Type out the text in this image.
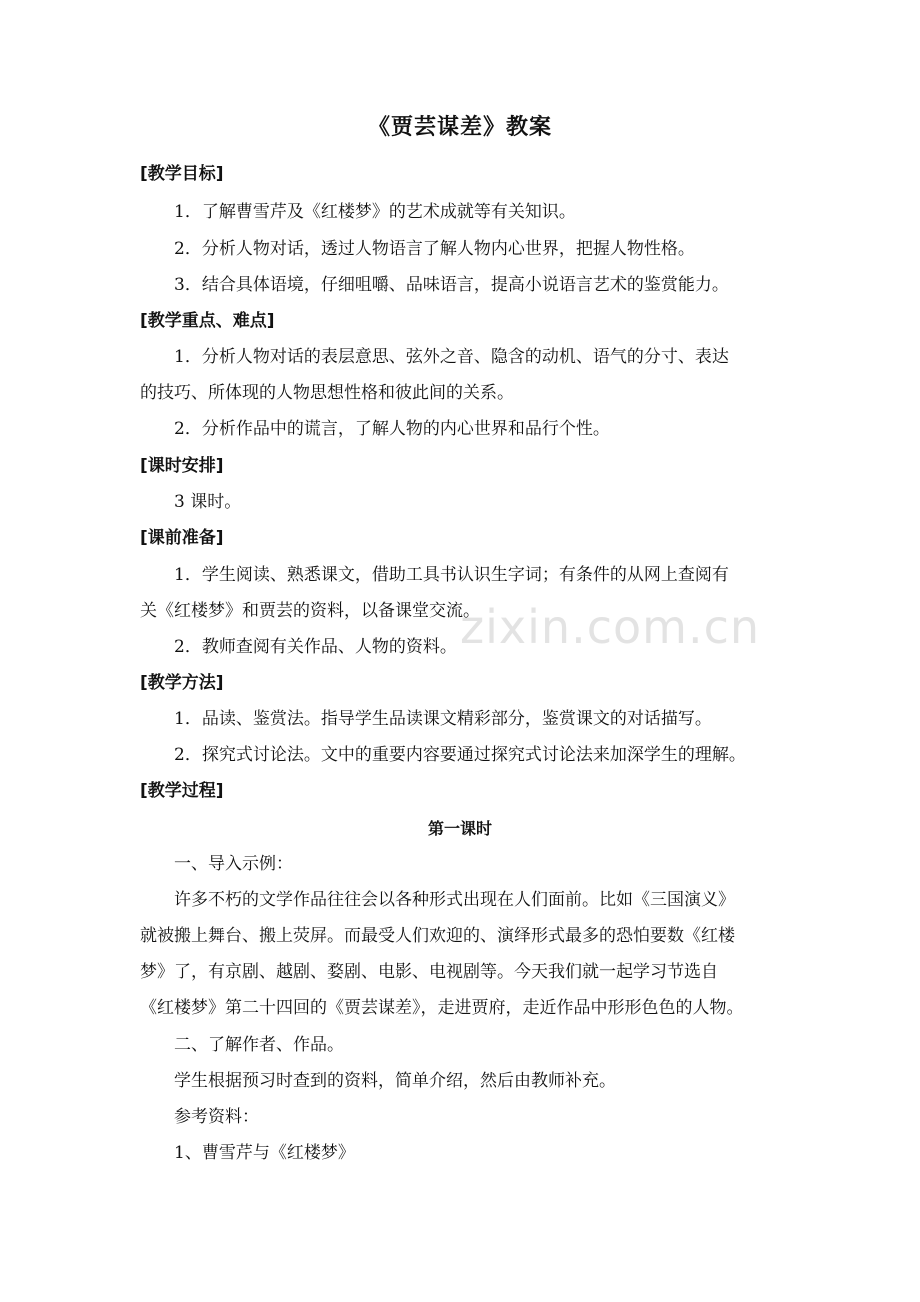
zixin.com.cn
《贾芸谋差》教案
[教学目标]
1．了解曹雪芹及《红楼梦》的艺术成就等有关知识。
2．分析人物对话，透过人物语言了解人物内心世界，把握人物性格。
3．结合具体语境，仔细咀嚼、品味语言，提高小说语言艺术的鉴赏能力。
[教学重点、难点]
1．分析人物对话的表层意思、弦外之音、隐含的动机、语气的分寸、表达
的技巧、所体现的人物思想性格和彼此间的关系。
2．分析作品中的谎言，了解人物的内心世界和品行个性。
[课时安排]
3 课时。
[课前准备]
1．学生阅读、熟悉课文，借助工具书认识生字词；有条件的从网上查阅有
关《红楼梦》和贾芸的资料，以备课堂交流。
2．教师查阅有关作品、人物的资料。
[教学方法]
1．品读、鉴赏法。指导学生品读课文精彩部分，鉴赏课文的对话描写。
2．探究式讨论法。文中的重要内容要通过探究式讨论法来加深学生的理解。
[教学过程]
第一课时
一、导入示例：
许多不朽的文学作品往往会以各种形式出现在人们面前。比如《三国演义》
就被搬上舞台、搬上荧屏。而最受人们欢迎的、演绎形式最多的恐怕要数《红楼
梦》了，有京剧、越剧、婺剧、电影、电视剧等。今天我们就一起学习节选自
《红楼梦》第二十四回的《贾芸谋差》，走进贾府，走近作品中形形色色的人物。
二、了解作者、作品。
学生根据预习时查到的资料，简单介绍，然后由教师补充。
参考资料：
1、曹雪芹与《红楼梦》
